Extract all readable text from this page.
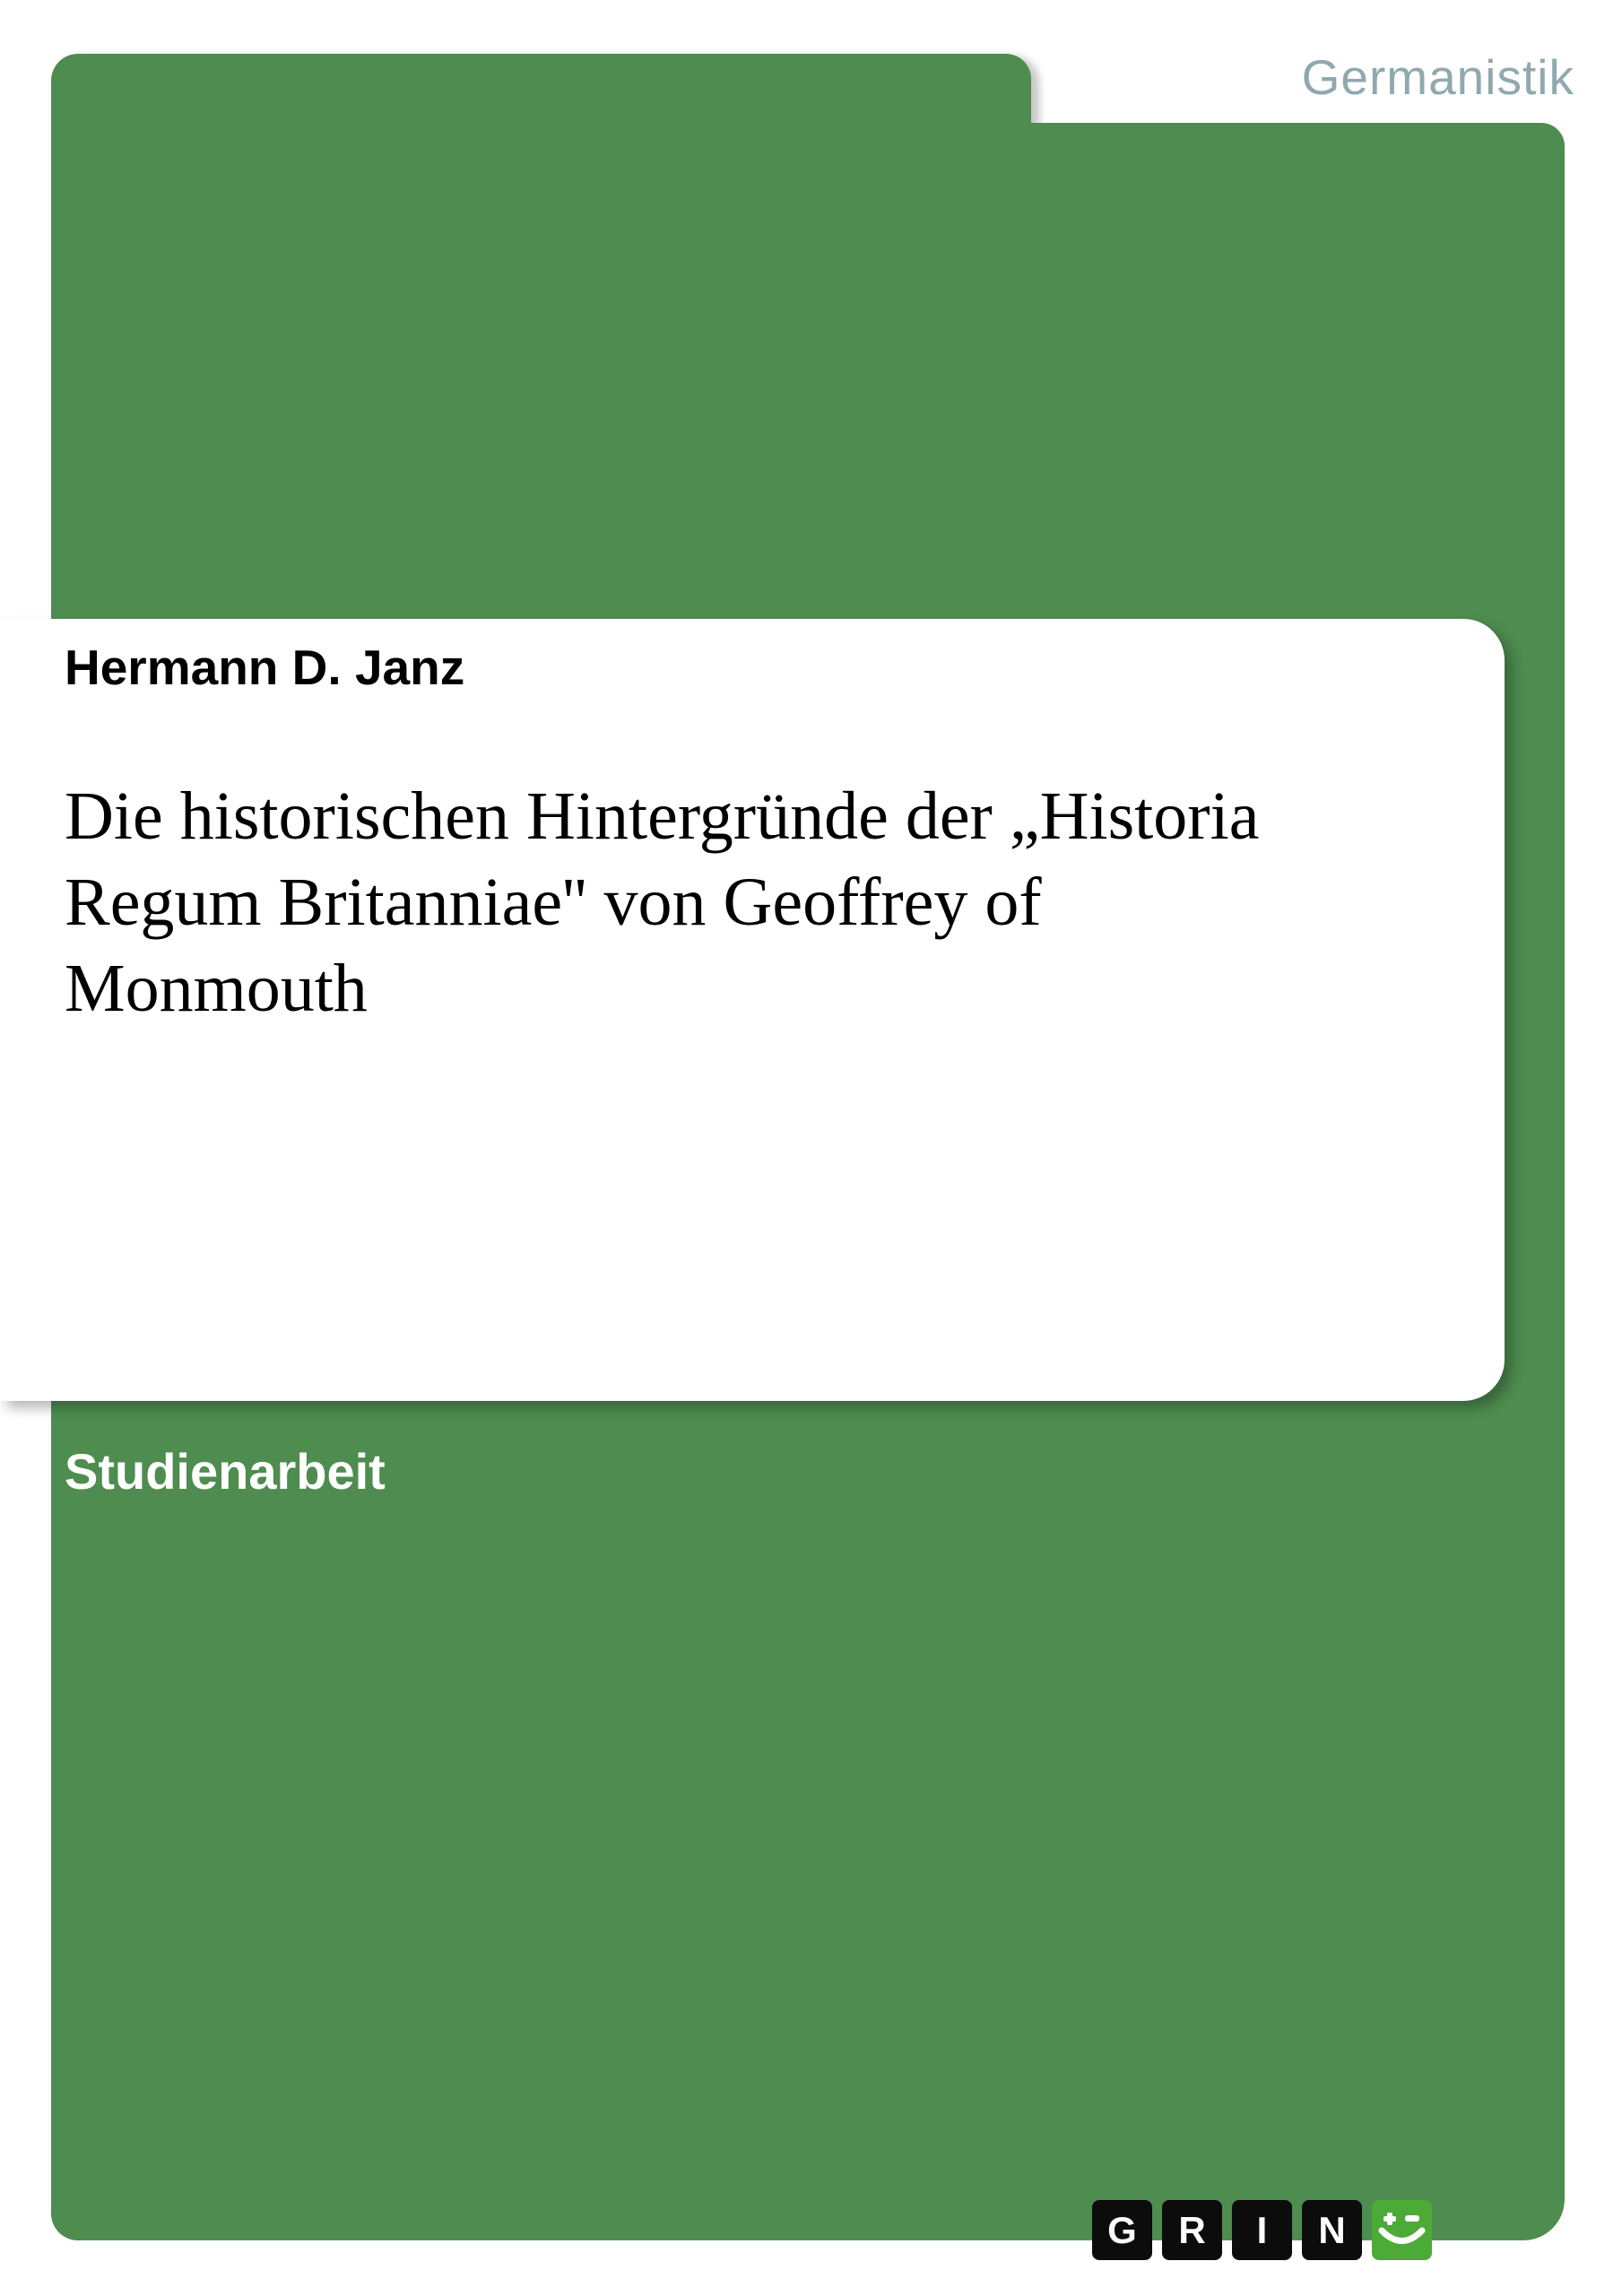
Germanistik
Hermann D. Janz
Die historischen Hintergründe der „Historia
Regum Britanniae'' von Geoffrey of
Monmouth
Studienarbeit
G	R	I	N
